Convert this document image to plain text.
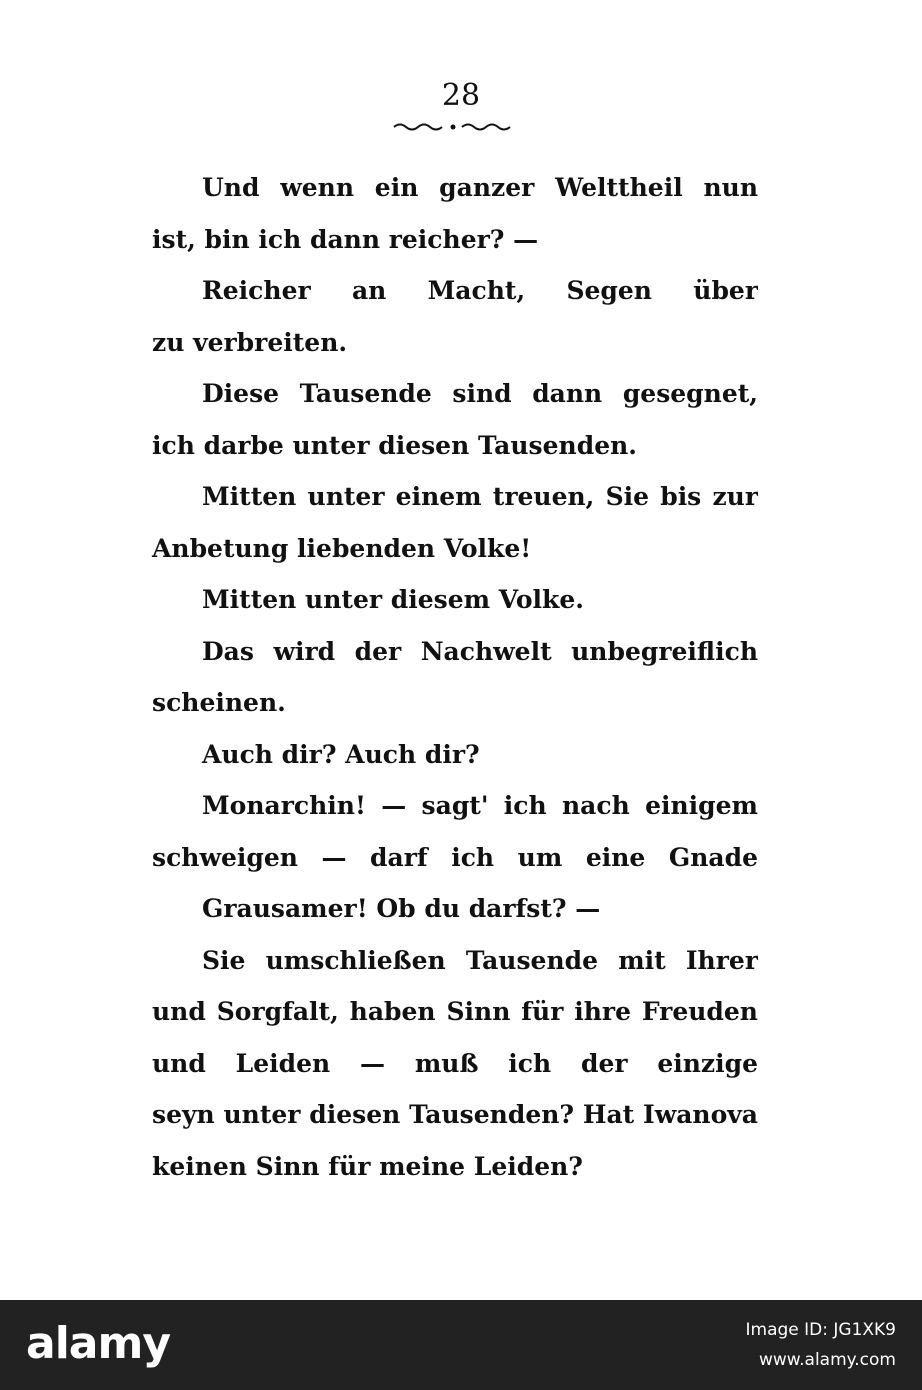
28
Und wenn ein ganzer Welttheil nun
ist, bin ich dann reicher? —
Reicher an Macht, Segen über
zu verbreiten.
Diese Tausende sind dann gesegnet,
ich darbe unter diesen Tausenden.
Mitten unter einem treuen, Sie bis zur
Anbetung liebenden Volke!
Mitten unter diesem Volke.
Das wird der Nachwelt unbegreiflich
scheinen.
Auch dir? Auch dir?
Monarchin! — sagt' ich nach einigem
schweigen — darf ich um eine Gnade
Grausamer! Ob du darfst? —
Sie umschließen Tausende mit Ihrer
und Sorgfalt, haben Sinn für ihre Freuden
und Leiden — muß ich der einzige
seyn unter diesen Tausenden? Hat Iwanova
keinen Sinn für meine Leiden?
alamy	Image ID: JG1XK9
www.alamy.com
